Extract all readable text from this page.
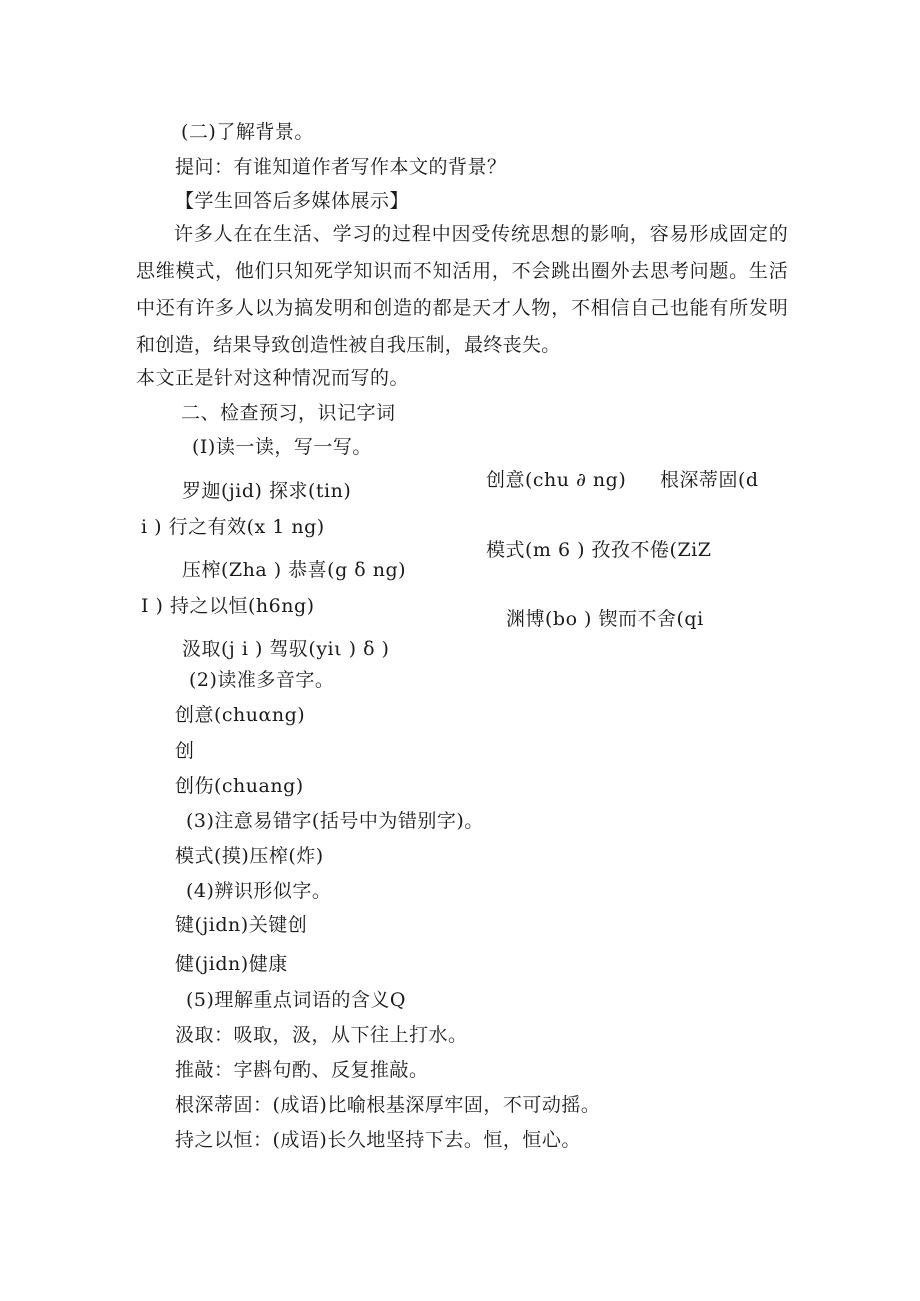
(二)了解背景。
提问：有谁知道作者写作本文的背景？
【学生回答后多媒体展示】
许多人在在生活、学习的过程中因受传统思想的影响，容易形成固定的思维模式，他们只知死学知识而不知活用，不会跳出圈外去思考问题。生活中还有许多人以为搞发明和创造的都是天才人物，不相信自己也能有所发明和创造，结果导致创造性被自我压制，最终丧失。
本文正是针对这种情况而写的。
二、检查预习，识记字词
(I)读一读，写一写。
创意(chu ∂ ng) 根深蒂固(d
罗迦(jid) 探求(tin)
i ) 行之有效(x 1 ng)
模式(m 6 ) 孜孜不倦(ZiZ
压榨(Zha ) 恭喜(g δ ng)
I ) 持之以恒(h6ng)
渊博(bo ) 锲而不舍(qi
汲取(j i ) 驾驭(yiι ) δ )
(2)读准多音字。
创意(chuαng)
创
创伤(chuang)
(3)注意易错字(括号中为错别字)。
模式(摸)压榨(炸)
(4)辨识形似字。
键(jidn)关键创
健(jidn)健康
(5)理解重点词语的含义Q
汲取：吸取，汲，从下往上打水。
推敲：字斟句酌、反复推敲。
根深蒂固：(成语)比喻根基深厚牢固，不可动摇。
持之以恒：(成语)长久地坚持下去。恒，恒心。
